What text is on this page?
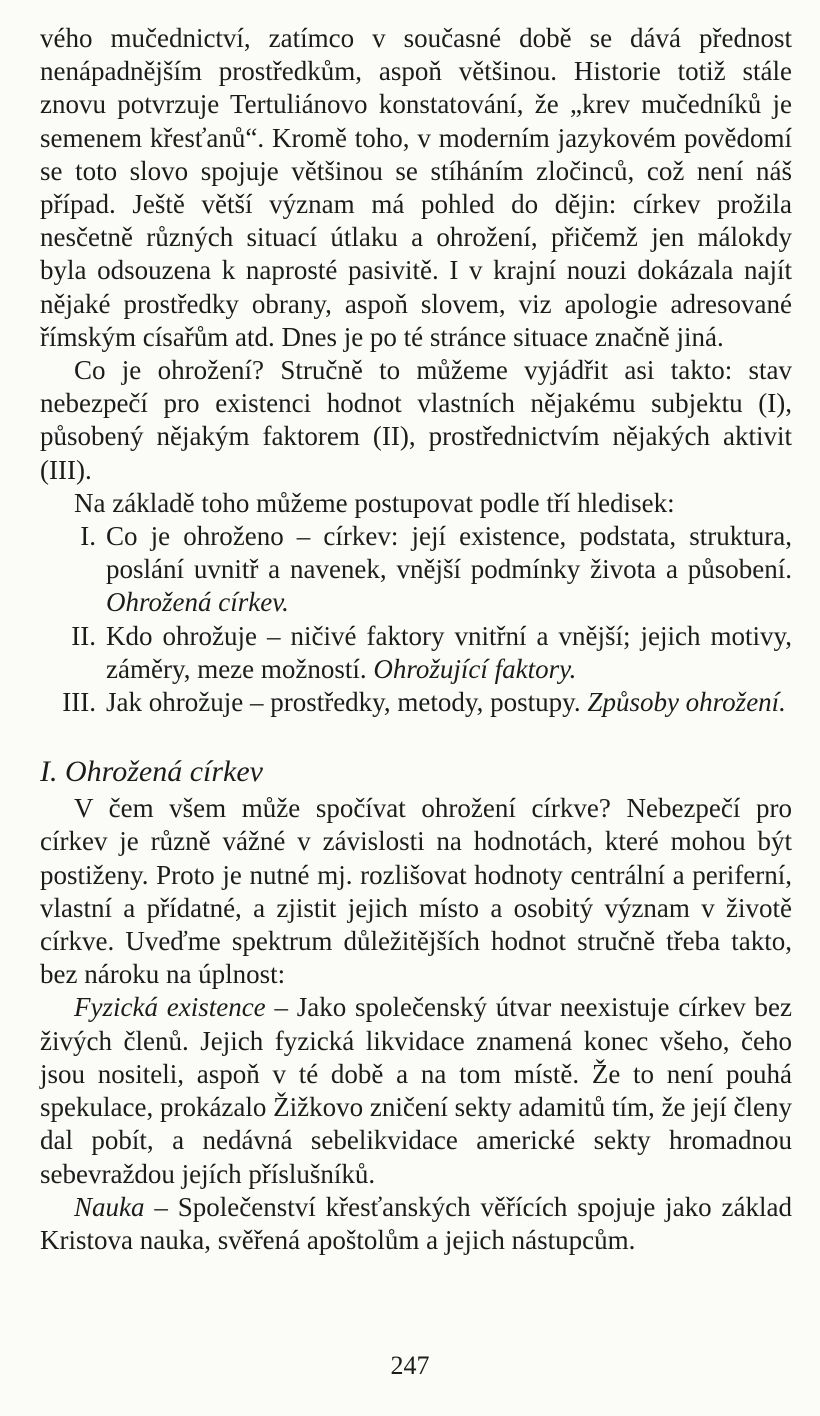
vého mučednictví, zatímco v současné době se dává přednost nenápadnějším prostředkům, aspoň většinou. Historie totiž stále znovu potvrzuje Tertuliánovo konstatování, že „krev mučedníků je semenem křesťanů“. Kromě toho, v moderním jazykovém povědomí se toto slovo spojuje většinou se stíháním zločinců, což není náš případ. Ještě větší význam má pohled do dějin: církev prožila nesčetně různých situací útlaku a ohrožení, přičemž jen málokdy byla odsouzena k naprosté pasivitě. I v krajní nouzi dokázala najít nějaké prostředky obrany, aspoň slovem, viz apologie adresované římským císařům atd. Dnes je po té stránce situace značně jiná.

Co je ohrožení? Stručně to můžeme vyjádřit asi takto: stav nebezpečí pro existenci hodnot vlastních nějakému subjektu (I), působený nějakým faktorem (II), prostřednictvím nějakých aktivit (III).

Na základě toho můžeme postupovat podle tří hledisek:

I. Co je ohroženo – církev: její existence, podstata, struktura, poslání uvnitř a navenek, vnější podmínky života a působení. Ohrožená církev.
II. Kdo ohrožuje – ničivé faktory vnitřní a vnější; jejich motivy, záměry, meze možností. Ohrožující faktory.
III. Jak ohrožuje – prostředky, metody, postupy. Způsoby ohrožení.
I. Ohrožená církev

V čem všem může spočívat ohrožení církve? Nebezpečí pro církev je různě vážné v závislosti na hodnotách, které mohou být postiženy. Proto je nutné mj. rozlišovat hodnoty centrální a periferní, vlastní a přídatné, a zjistit jejich místo a osobitý význam v životě církve. Uveďme spektrum důležitějších hodnot stručně třeba takto, bez nároku na úplnost:

Fyzická existence – Jako společenský útvar neexistuje církev bez živých členů. Jejich fyzická likvidace znamená konec všeho, čeho jsou nositeli, aspoň v té době a na tom místě. Že to není pouhá spekulace, prokázalo Žižkovo zničení sekty adamitů tím, že její členy dal pobít, a nedávná sebelikvidace americké sekty hromadnou sebevraždou jejích příslušníků.

Nauka – Společenství křesťanských věřících spojuje jako základ Kristova nauka, svěřená apoštolům a jejich nástupcům.

247
